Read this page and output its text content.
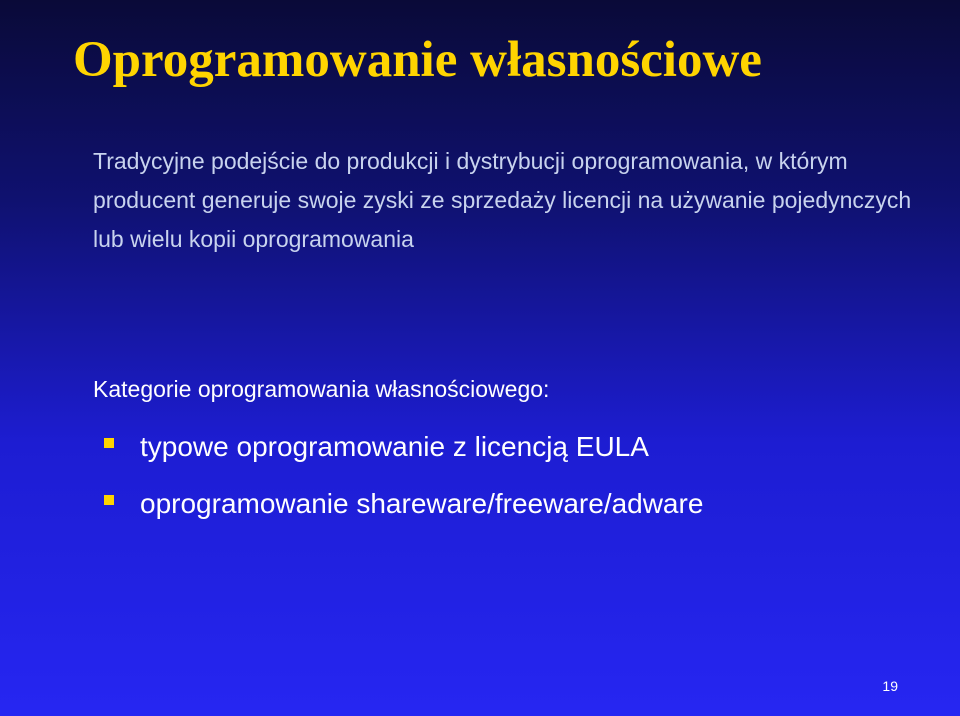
Oprogramowanie własnościowe

Tradycyjne podejście do produkcji i dystrybucji oprogramowania, w którym producent generuje swoje zyski ze sprzedaży licencji na używanie pojedynczych lub wielu kopii oprogramowania

Kategorie oprogramowania własnościowego:

typowe oprogramowanie z licencją EULA
oprogramowanie shareware/freeware/adware
19
